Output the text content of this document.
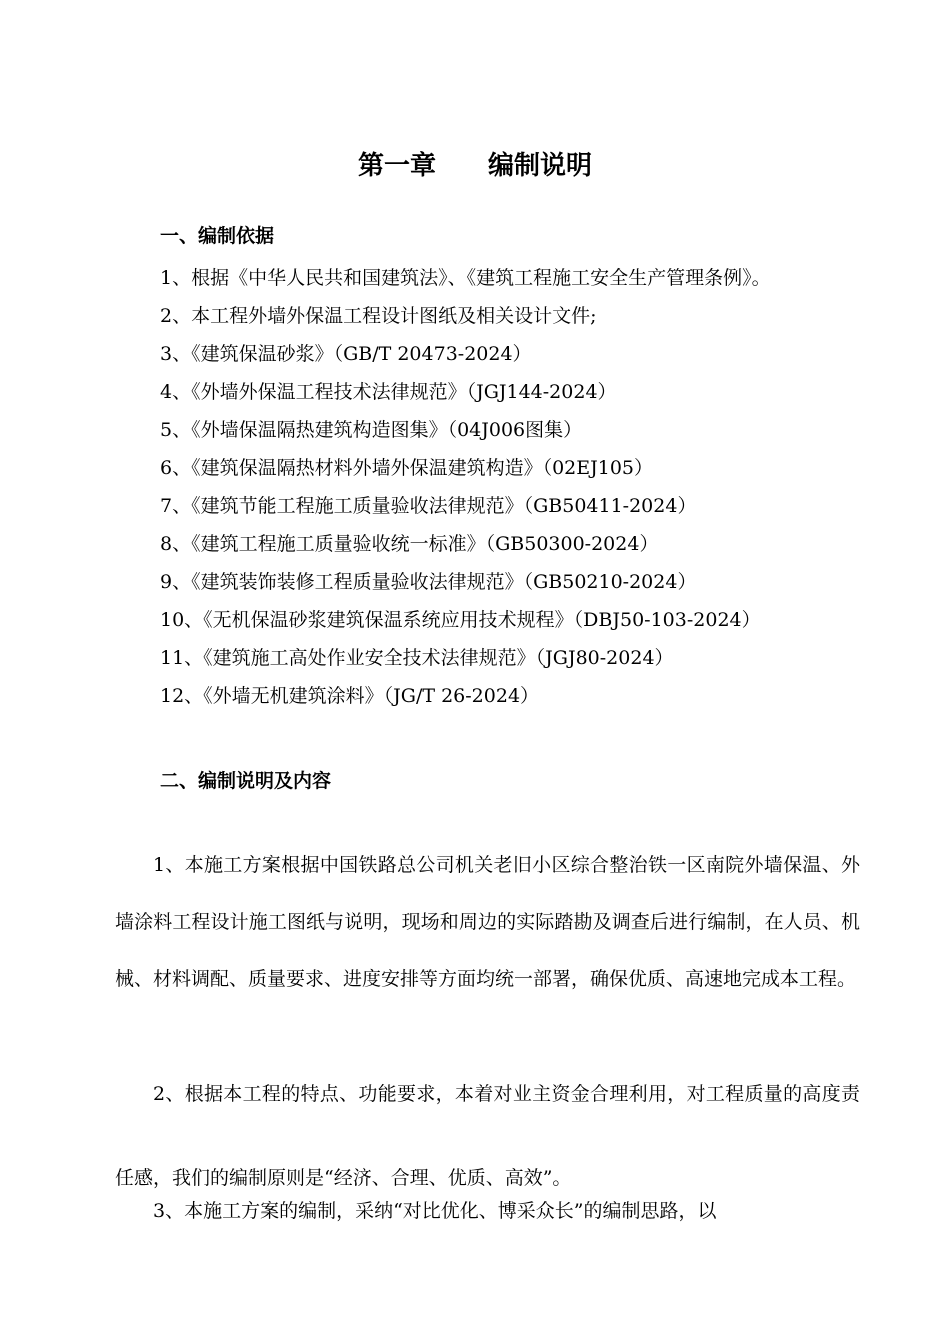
第一章　　编制说明
一、编制依据
1、根据《中华人民共和国建筑法》、《建筑工程施工安全生产管理条例》。
2、本工程外墙外保温工程设计图纸及相关设计文件;
3、《建筑保温砂浆》（GB/T 20473-2024）
4、《外墙外保温工程技术法律规范》（JGJ144-2024）
5、《外墙保温隔热建筑构造图集》（04J006图集）
6、《建筑保温隔热材料外墙外保温建筑构造》（02EJ105）
7、《建筑节能工程施工质量验收法律规范》（GB50411-2024）
8、《建筑工程施工质量验收统一标准》（GB50300-2024）
9、《建筑装饰装修工程质量验收法律规范》（GB50210-2024）
10、《无机保温砂浆建筑保温系统应用技术规程》（DBJ50-103-2024）
11、《建筑施工高处作业安全技术法律规范》（JGJ80-2024）
12、《外墙无机建筑涂料》（JG/T 26-2024）
二、编制说明及内容

1、本施工方案根据中国铁路总公司机关老旧小区综合整治铁一区南院外墙保温、外墙涂料工程设计施工图纸与说明，现场和周边的实际踏勘及调查后进行编制，在人员、机械、材料调配、质量要求、进度安排等方面均统一部署，确保优质、高速地完成本工程。

2、根据本工程的特点、功能要求，本着对业主资金合理利用，对工程质量的高度责任感，我们的编制原则是“经济、合理、优质、高效”。

3、本施工方案的编制，采纳“对比优化、博采众长”的编制思路，以
